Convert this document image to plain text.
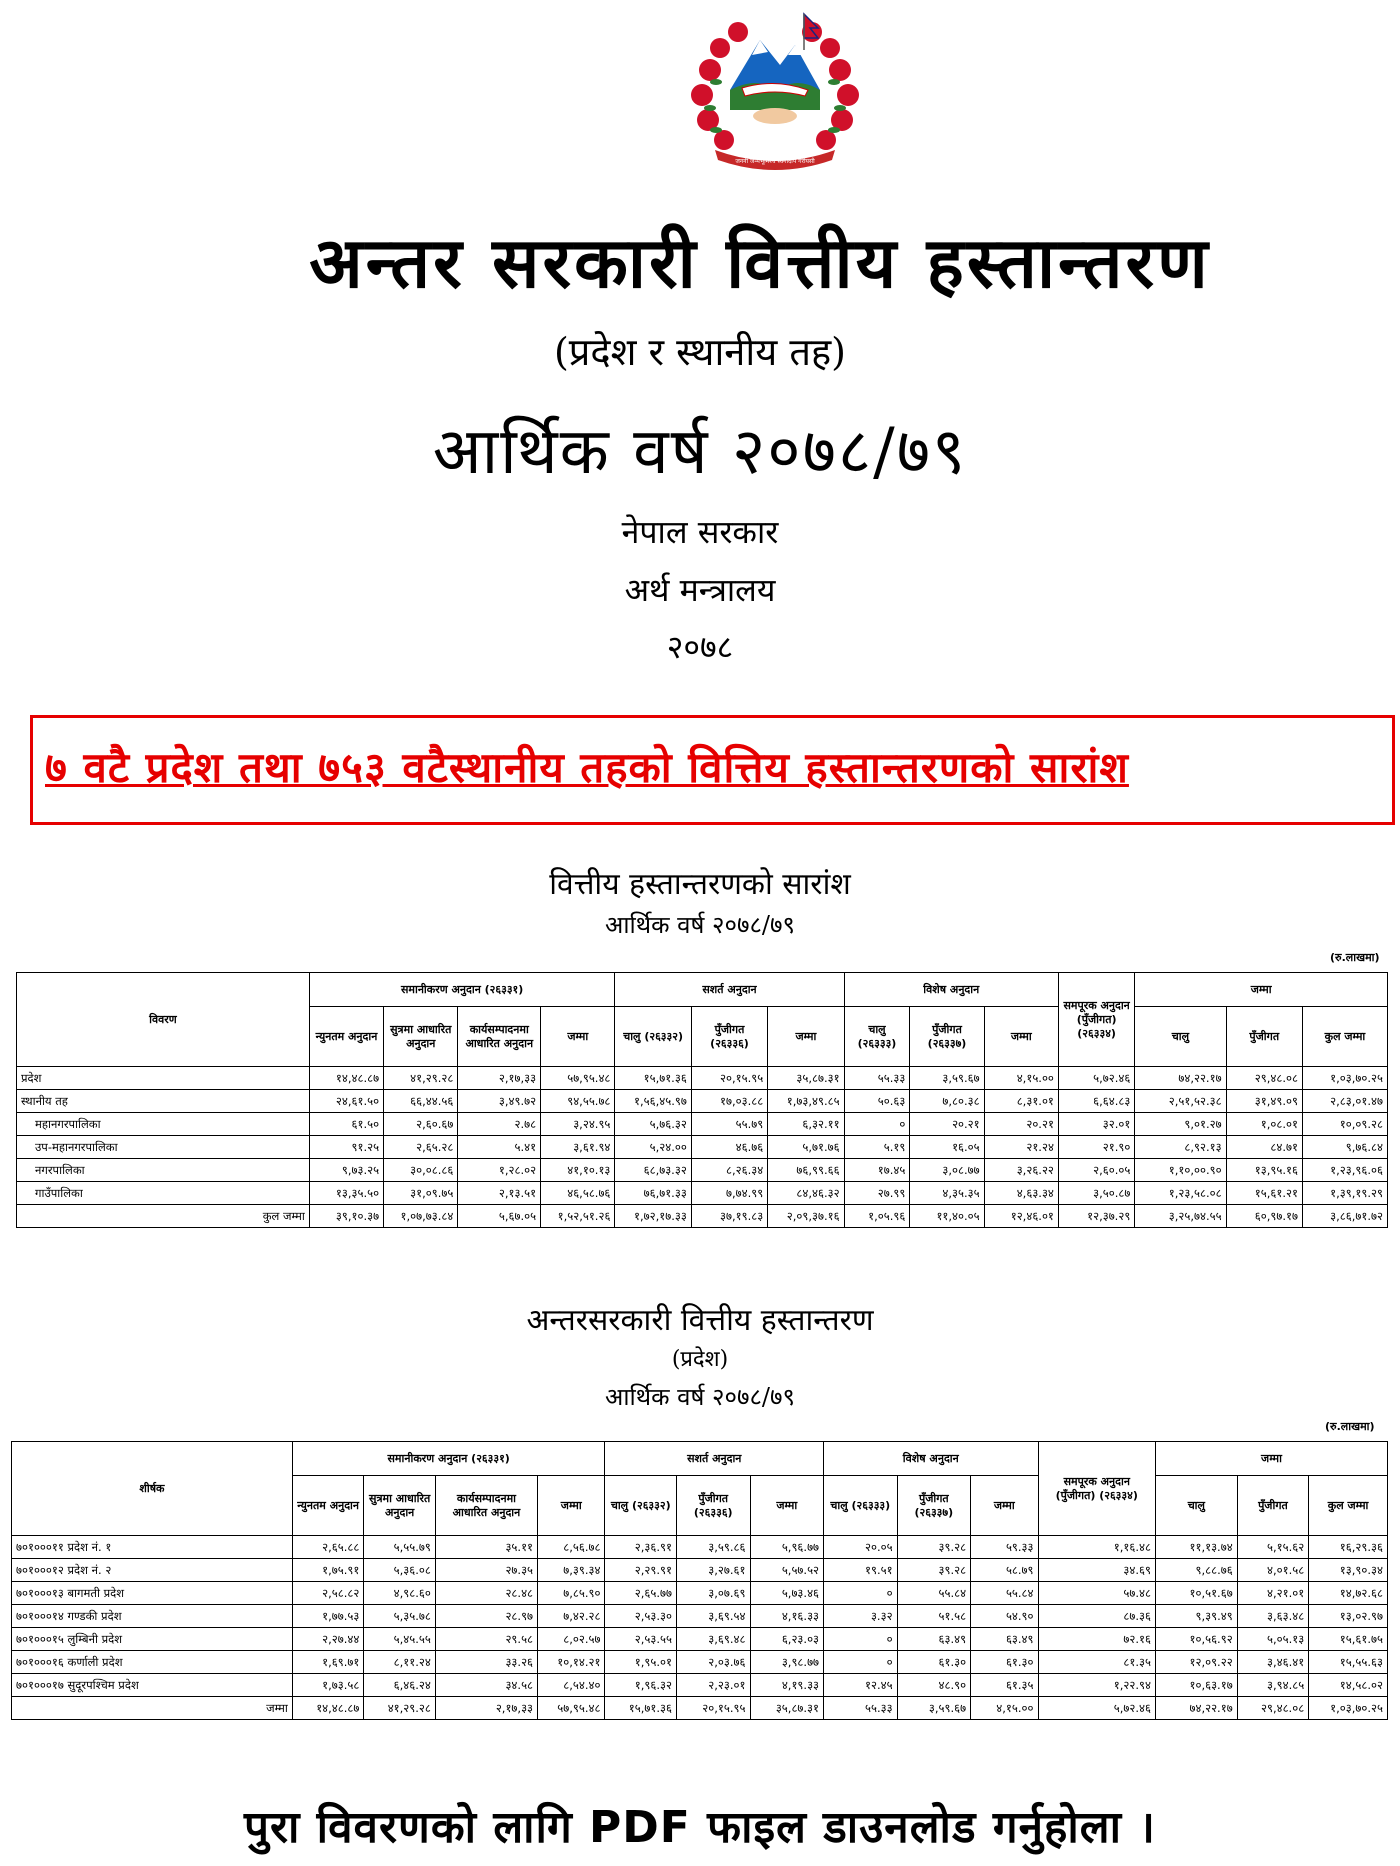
जननी जन्मभूमिश्च स्वर्गादपि गरीयसी
अन्तर सरकारी वित्तीय हस्तान्तरण
(प्रदेश र स्थानीय तह)
आर्थिक वर्ष २०७८/७९
नेपाल सरकार
अर्थ मन्त्रालय
२०७८
७ वटै प्रदेश तथा ७५३ वटैस्थानीय तहको वित्तिय हस्तान्तरणको सारांश
वित्तीय हस्तान्तरणको सारांश
आर्थिक वर्ष २०७८/७९
(रु.लाखमा)
विवरण	समानीकरण अनुदान (२६३३१)				सशर्त अनुदान			विशेष अनुदान			समपूरक अनुदान (पुँजीगत) (२६३३४)	जम्मा		
	न्युनतम अनुदान	सुत्रमा आधारित अनुदान	कार्यसम्पादनमा आधारित अनुदान	जम्मा	चालु (२६३३२)	पुँजीगत (२६३३६)	जम्मा	चालु (२६३३३)	पुँजीगत (२६३३७)	जम्मा		चालु	पुँजीगत	कुल जम्मा
प्रदेश	१४,४८.८७	४१,२९.२८	२,१७,३३	५७,९५.४८	१५,७१.३६	२०,१५.९५	३५,८७.३१	५५.३३	३,५९.६७	४,१५.००	५,७२.४६	७४,२२.१७	२९,४८.०८	१,०३,७०.२५
स्थानीय तह	२४,६१.५०	६६,४४.५६	३,४९.७२	९४,५५.७८	१,५६,४५.९७	१७,०३.८८	१,७३,४९.८५	५०.६३	७,८०.३८	८,३१.०१	६,६४.८३	२,५१,५२.३८	३१,४९.०९	२,८३,०१.४७
महानगरपालिका	६१.५०	२,६०.६७	२.७८	३,२४.९५	५,७६.३२	५५.७९	६,३२.११	०	२०.२१	२०.२१	३२.०१	९,०१.२७	१,०८.०१	१०,०९.२८
उप-महानगरपालिका	९१.२५	२,६५.२८	५.४१	३,६१.९४	५,२४.००	४६.७६	५,७१.७६	५.१९	१६.०५	२१.२४	२१.९०	८,९२.१३	८४.७१	९,७६.८४
नगरपालिका	९,७३.२५	३०,०८.८६	१,२८.०२	४१,१०.१३	६८,७३.३२	८,२६.३४	७६,९९.६६	१७.४५	३,०८.७७	३,२६.२२	२,६०.०५	१,१०,००.९०	१३,९५.१६	१,२३,९६.०६
गाउँपालिका	१३,३५.५०	३१,०९.७५	२,१३.५१	४६,५८.७६	७६,७१.३३	७,७४.९९	८४,४६.३२	२७.९९	४,३५.३५	४,६३.३४	३,५०.८७	१,२३,५८.०८	१५,६१.२१	१,३९,१९.२९
कुल जम्मा	३९,१०.३७	१,०७,७३.८४	५,६७.०५	१,५२,५१.२६	१,७२,१७.३३	३७,१९.८३	२,०९,३७.१६	१,०५.९६	११,४०.०५	१२,४६.०१	१२,३७.२९	३,२५,७४.५५	६०,९७.१७	३,८६,७१.७२
अन्तरसरकारी वित्तीय हस्तान्तरण
(प्रदेश)
आर्थिक वर्ष २०७८/७९
(रु.लाखमा)
शीर्षक	समानीकरण अनुदान (२६३३१)				सशर्त अनुदान			विशेष अनुदान			समपूरक अनुदान (पुँजीगत) (२६३३४)	जम्मा		
	न्युनतम अनुदान	सुत्रमा आधारित अनुदान	कार्यसम्पादनमा आधारित अनुदान	जम्मा	चालु (२६३३२)	पुँजीगत (२६३३६)	जम्मा	चालु (२६३३३)	पुँजीगत (२६३३७)	जम्मा		चालु	पुँजीगत	कुल जम्मा
७०१०००११ प्रदेश नं. १	२,६५.८८	५,५५.७९	३५.११	८,५६.७८	२,३६.९१	३,५९.८६	५,९६.७७	२०.०५	३९.२८	५९.३३	१,१६.४८	११,१३.७४	५,१५.६२	१६,२९.३६
७०१०००१२ प्रदेश नं. २	१,७५.९१	५,३६.०८	२७.३५	७,३९.३४	२,२९.९१	३,२७.६१	५,५७.५२	१९.५१	३९.२८	५८.७९	३४.६९	९,८८.७६	४,०१.५८	१३,९०.३४
७०१०००१३ बागमती प्रदेश	२,५८.८२	४,९८.६०	२८.४८	७,८५.९०	२,६५.७७	३,०७.६९	५,७३.४६	०	५५.८४	५५.८४	५७.४८	१०,५१.६७	४,२१.०१	१४,७२.६८
७०१०००१४ गण्डकी प्रदेश	१,७७.५३	५,३५.७८	२८.९७	७,४२.२८	२,५३.३०	३,६९.५४	४,१६.३३	३.३२	५१.५८	५४.९०	८७.३६	९,३९.४९	३,६३.४८	१३,०२.९७
७०१०००१५ लुम्बिनी प्रदेश	२,२७.४४	५,४५.५५	२९.५८	८,०२.५७	२,५३.५५	३,६९.४८	६,२३.०३	०	६३.४९	६३.४९	७२.१६	१०,५६.९२	५,०५.१३	१५,६१.७५
७०१०००१६ कर्णाली प्रदेश	१,६९.७१	८,११.२४	३३.२६	१०,१४.२१	१,९५.०१	२,०३.७६	३,९८.७७	०	६१.३०	६१.३०	८१.३५	१२,०९.२२	३,४६.४१	१५,५५.६३
७०१०००१७ सुदूरपश्चिम प्रदेश	१,७३.५८	६,४६.२४	३४.५८	८,५४.४०	१,९६.३२	२,२३.०१	४,१९.३३	१२.४५	४८.९०	६१.३५	१,२२.९४	१०,६३.१७	३,९४.८५	१४,५८.०२
जम्मा	१४,४८.८७	४१,२९.२८	२,१७,३३	५७,९५.४८	१५,७१.३६	२०,१५.९५	३५,८७.३१	५५.३३	३,५९.६७	४,१५.००	५,७२.४६	७४,२२.१७	२९,४८.०८	१,०३,७०.२५
पुरा विवरणको लागि PDF फाइल डाउनलोड गर्नुहोला ।
